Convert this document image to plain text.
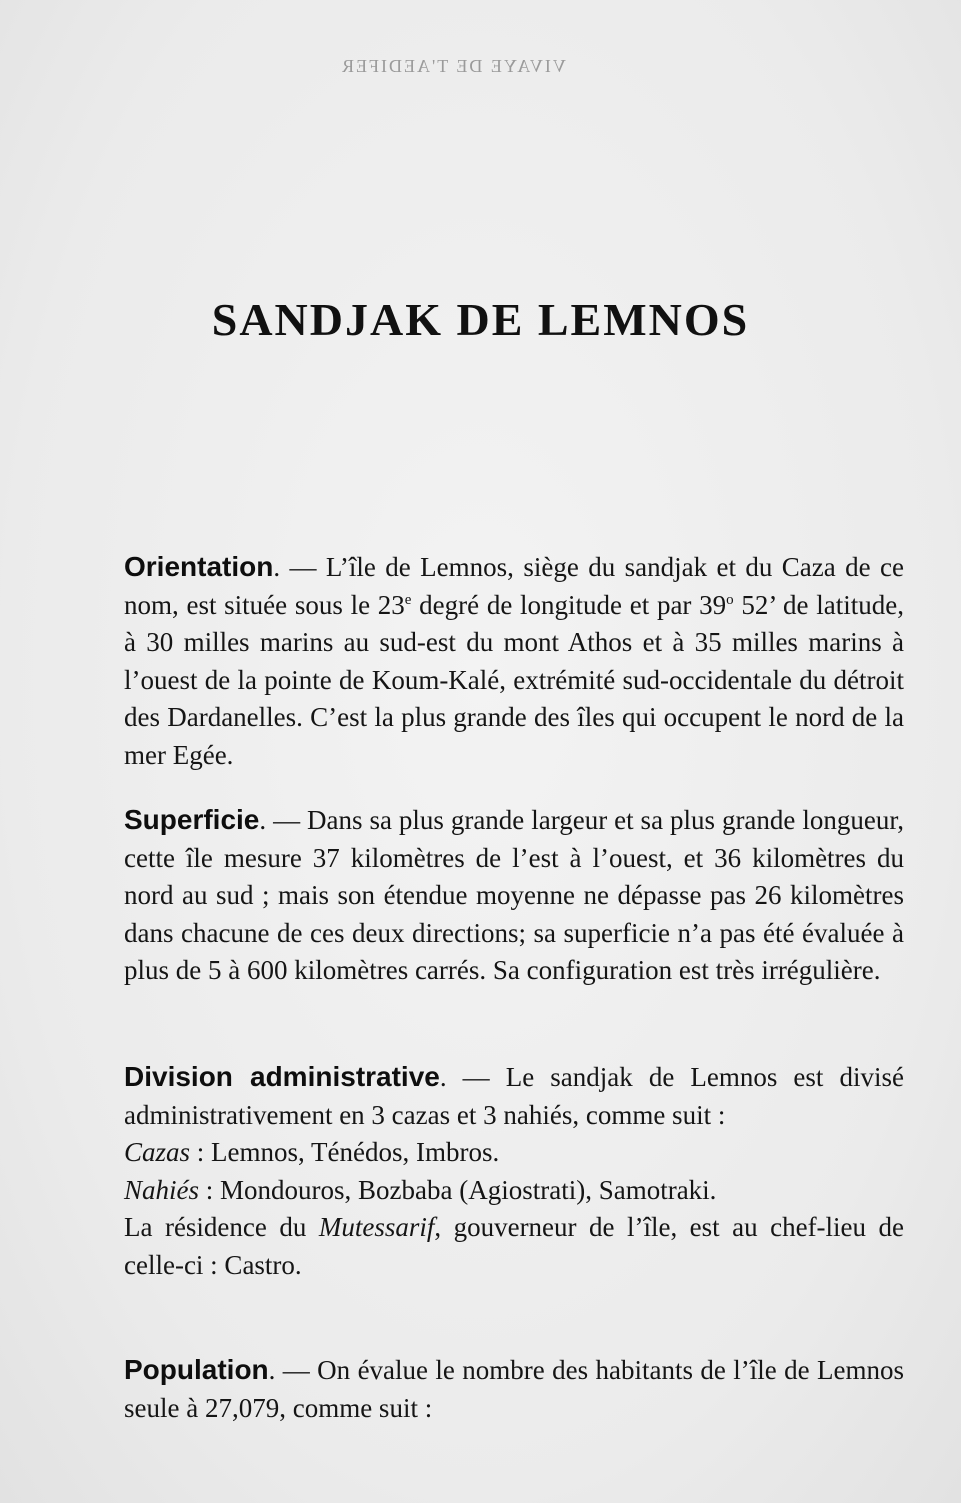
VIVAYE DE T'AEDIFER
SANDJAK DE LEMNOS

Orientation. — L’île de Lemnos, siège du sandjak et du Caza de ce nom, est située sous le 23e degré de longitude et par 39$^o$ 52’ de latitude, à 30 milles marins au sud-est du mont Athos et à 35 milles marins à l’ouest de la pointe de Koum-Kalé, extrémité sud-occidentale du détroit des Dardanelles. C’est la plus grande des îles qui occupent le nord de la mer Egée.

Superficie. — Dans sa plus grande largeur et sa plus grande longueur, cette île mesure 37 kilomètres de l’est à l’ouest, et 36 kilomètres du nord au sud ; mais son étendue moyenne ne dépasse pas 26 kilomètres dans chacune de ces deux directions; sa superficie n’a pas été évaluée à plus de 5 à 600 kilomètres carrés. Sa configuration est très irrégulière.

Division administrative. — Le sandjak de Lemnos est divisé administrativement en 3 cazas et 3 nahiés, comme suit :

Cazas : Lemnos, Ténédos, Imbros.

Nahiés : Mondouros, Bozbaba (Agiostrati), Samotraki.

La résidence du Mutessarif, gouverneur de l’île, est au chef-lieu de celle-ci : Castro.

Population. — On évalue le nombre des habitants de l’île de Lemnos seule à 27,079, comme suit :
